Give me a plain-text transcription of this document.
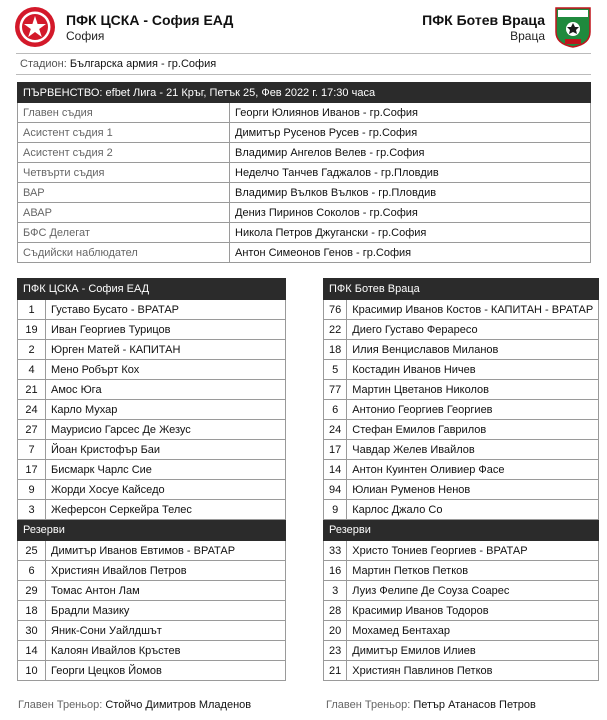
ПФК ЦСКА - София ЕАД
София
ПФК Ботев Враца
Враца
Стадион: Българска армия - гр.София
ПЪРВЕНСТВО: efbet Лига - 21 Кръг, Петък 25, Фев 2022 г. 17:30 часа	
Главен съдия	Георги Юлиянов Иванов - гр.София
Асистент съдия 1	Димитър Русенов Русев - гр.София
Асистент съдия 2	Владимир Ангелов Велев - гр.София
Четвърти съдия	Неделчо Танчев Гаджалов - гр.Пловдив
ВАР	Владимир Вълков Вълков - гр.Пловдив
АВАР	Дениз Пиринов Соколов - гр.София
БФС Делегат	Никола Петров Джугански - гр.София
Съдийски наблюдател	Антон Симеонов Генов - гр.София
ПФК ЦСКА - София ЕАД	
1	Густаво Бусато - ВРАТАР
19	Иван Георгиев Турицов
2	Юрген Матей - КАПИТАН
4	Мено Робърт Кох
21	Амос Юга
24	Карло Мухар
27	Маурисио Гарсес Де Жезус
7	Йоан Кристофър Баи
17	Бисмарк Чарлс Сие
9	Жорди Хосуе Кайседо
3	Жеферсон Серкейра Телес
Резерви	
25	Димитър Иванов Евтимов - ВРАТАР
6	Християн Ивайлов Петров
29	Томас Антон Лам
18	Брадли Мазику
30	Яник-Сони Уайлдшът
14	Калоян Ивайлов Кръстев
10	Георги Цецков Йомов
ПФК Ботев Враца	
76	Красимир Иванов Костов - КАПИТАН - ВРАТАР
22	Диего Густаво Ферaресо
18	Илия Венциславов Миланов
5	Костадин Иванов Ничев
77	Мартин Цветанов Николов
6	Антонио Георгиев Георгиев
24	Стефан Емилов Гаврилов
17	Чавдар Желев Ивайлов
14	Антон Куинтен Оливиер Фасе
94	Юлиан Руменов Ненов
9	Карлос Джало Со
Резерви	
33	Христо Тониев Георгиев - ВРАТАР
16	Мартин Петков Петков
3	Луиз Фелипе Де Соуза Соарес
28	Красимир Иванов Тодоров
20	Мохамед Бентахар
23	Димитър Емилов Илиев
21	Християн Павлинов Петков
Главен Треньор: Стойчо Димитров Младенов	Главен Треньор: Петър Атанасов Петров
